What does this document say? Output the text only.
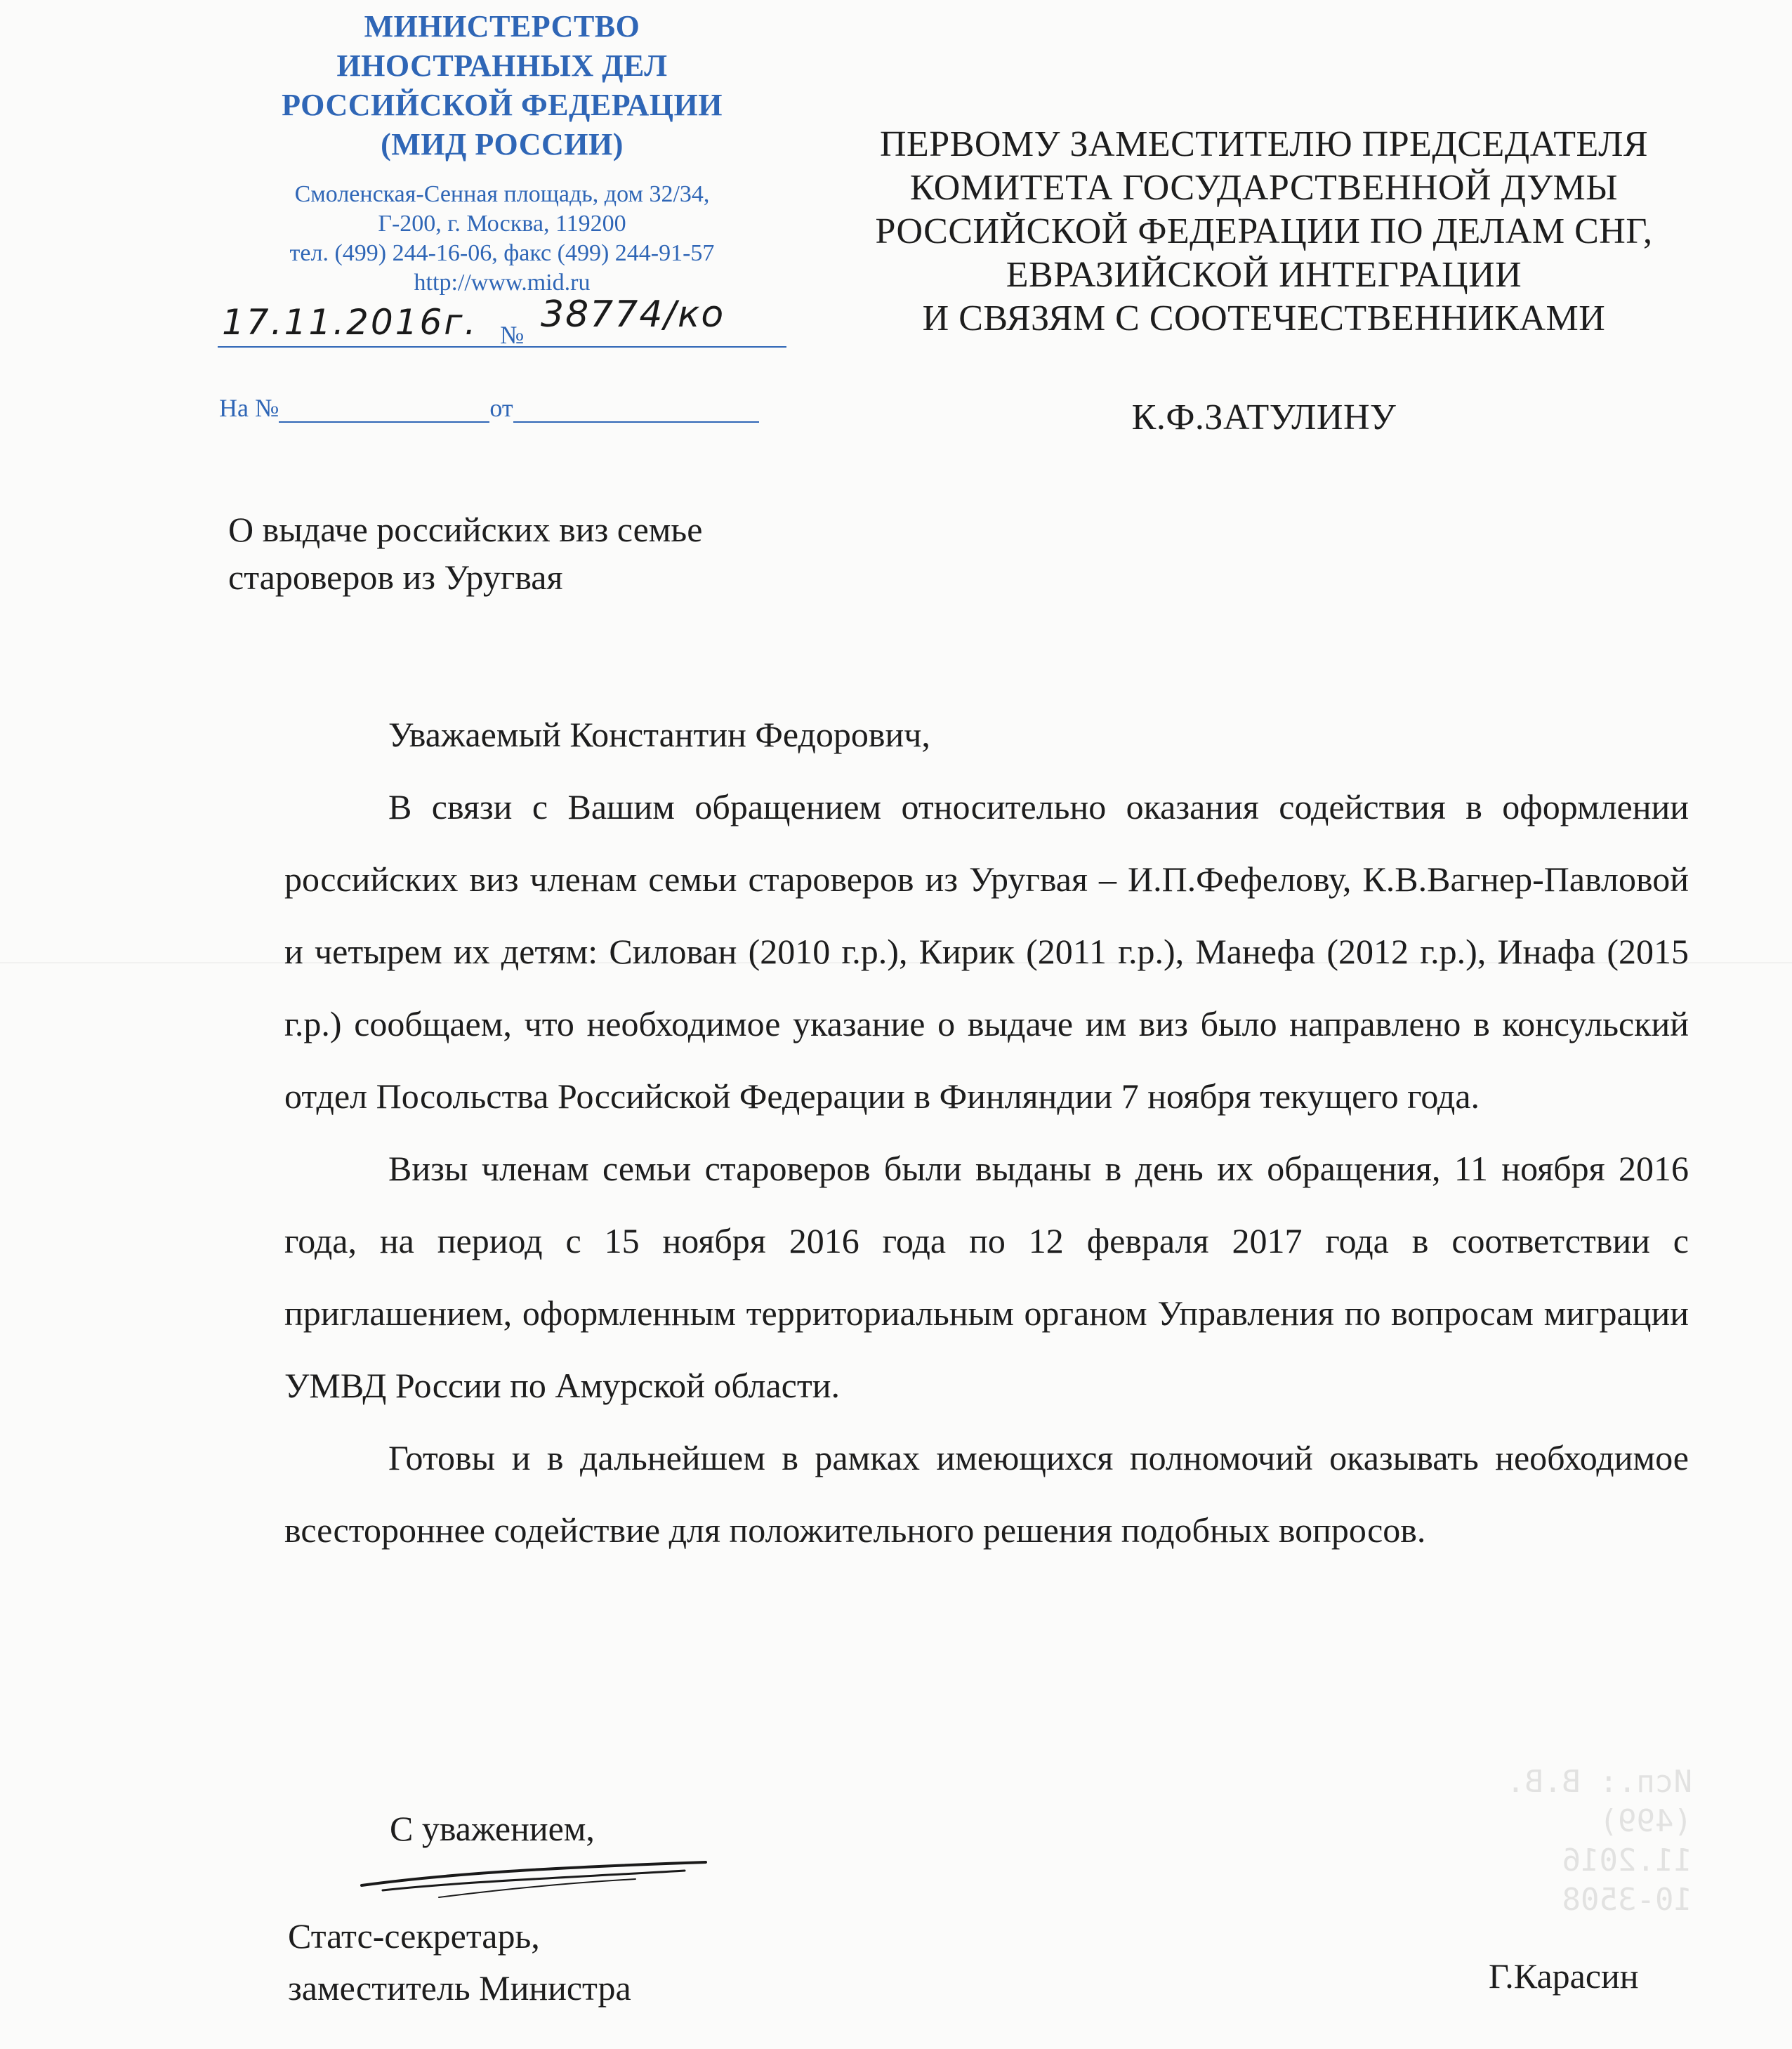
МИНИСТЕРСТВО
ИНОСТРАННЫХ ДЕЛ
РОССИЙСКОЙ ФЕДЕРАЦИИ
(МИД РОССИИ)
Смоленская-Сенная площадь, дом 32/34,
Г-200, г. Москва, 119200
тел. (499) 244-16-06, факс (499) 244-91-57
http://www.mid.ru
17.11.2016г. № 38774/ко
На №	от
ПЕРВОМУ ЗАМЕСТИТЕЛЮ ПРЕДСЕДАТЕЛЯ
КОМИТЕТА ГОСУДАРСТВЕННОЙ ДУМЫ
РОССИЙСКОЙ ФЕДЕРАЦИИ ПО ДЕЛАМ СНГ,
ЕВРАЗИЙСКОЙ ИНТЕГРАЦИИ
И СВЯЗЯМ С СООТЕЧЕСТВЕННИКАМИ
К.Ф.ЗАТУЛИНУ
О выдаче российских виз семье
староверов из Уругвая

Уважаемый Константин Федорович,

В связи с Вашим обращением относительно оказания содействия в оформлении российских виз членам семьи староверов из Уругвая – И.П.Фефелову, К.В.Вагнер-Павловой и четырем их детям: Силован (2010 г.р.), Кирик (2011 г.р.), Манефа (2012 г.р.), Инафа (2015 г.р.) сообщаем, что необходимое указание о выдаче им виз было направлено в консульский отдел Посольства Российской Федерации в Финляндии 7 ноября текущего года.

Визы членам семьи староверов были выданы в день их обращения, 11 ноября 2016 года, на период с 15 ноября 2016 года по 12 февраля 2017 года в соответствии с приглашением, оформленным территориальным органом Управления по вопросам миграции УМВД России по Амурской области.

Готовы и в дальнейшем в рамках имеющихся полномочий оказывать необходимое всестороннее содействие для положительного решения подобных вопросов.

Исп.: В.В.
(499)
11.2016
10-3508
С уважением,
Статс-секретарь,
заместитель Министра	Г.Карасин
